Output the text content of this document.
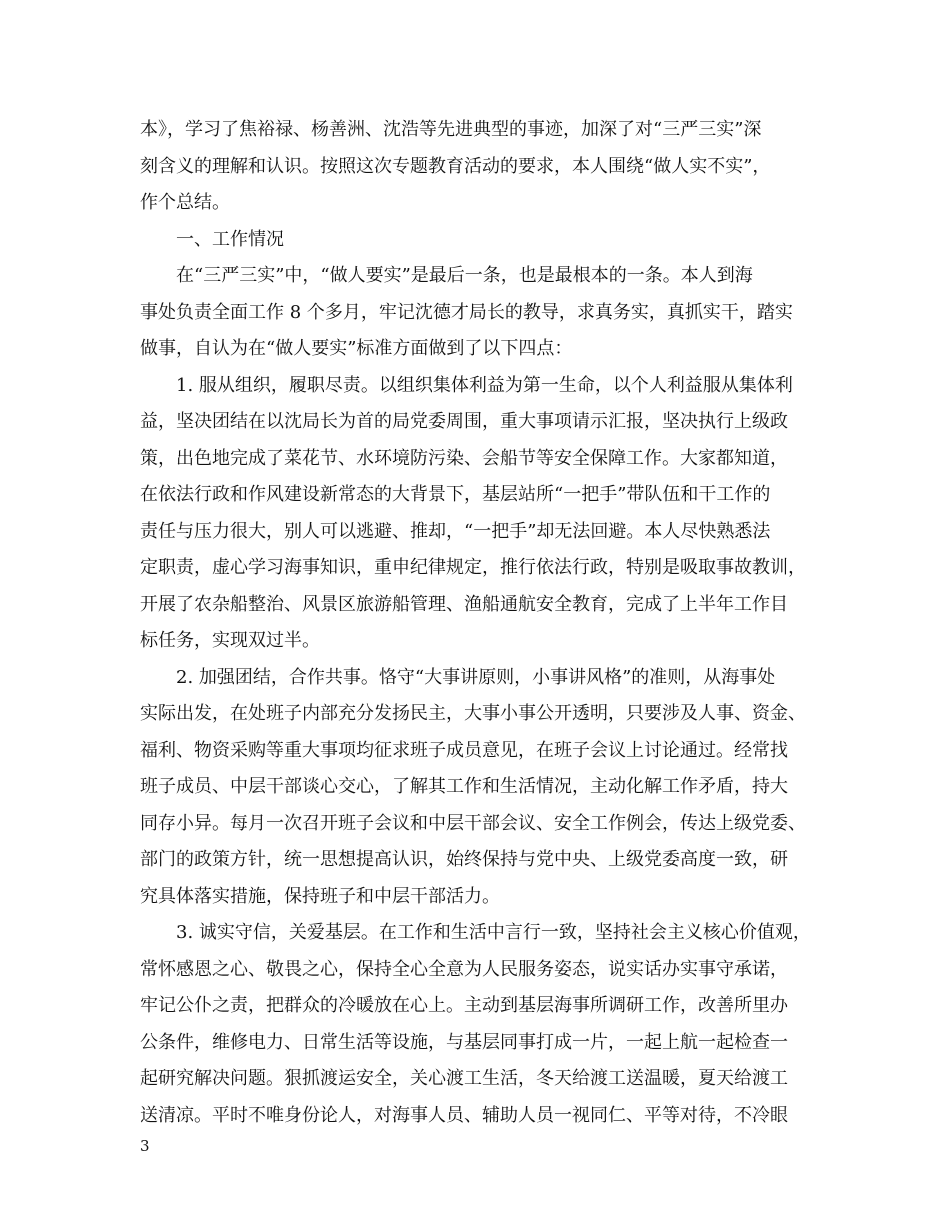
本》，学习了焦裕禄、杨善洲、沈浩等先进典型的事迹，加深了对“三严三实”深
刻含义的理解和认识。按照这次专题教育活动的要求，本人围绕“做人实不实”，
作个总结。
一、工作情况
在“三严三实”中，“做人要实”是最后一条，也是最根本的一条。本人到海
事处负责全面工作 8 个多月，牢记沈德才局长的教导，求真务实，真抓实干，踏实
做事，自认为在“做人要实”标准方面做到了以下四点：
1. 服从组织，履职尽责。以组织集体利益为第一生命，以个人利益服从集体利
益，坚决团结在以沈局长为首的局党委周围，重大事项请示汇报，坚决执行上级政
策，出色地完成了菜花节、水环境防污染、会船节等安全保障工作。大家都知道，
在依法行政和作风建设新常态的大背景下，基层站所“一把手”带队伍和干工作的
责任与压力很大，别人可以逃避、推却，“一把手”却无法回避。本人尽快熟悉法
定职责，虚心学习海事知识，重申纪律规定，推行依法行政，特别是吸取事故教训，
开展了农杂船整治、风景区旅游船管理、渔船通航安全教育，完成了上半年工作目
标任务，实现双过半。
2. 加强团结，合作共事。恪守“大事讲原则，小事讲风格”的准则，从海事处
实际出发，在处班子内部充分发扬民主，大事小事公开透明，只要涉及人事、资金、
福利、物资采购等重大事项均征求班子成员意见，在班子会议上讨论通过。经常找
班子成员、中层干部谈心交心，了解其工作和生活情况，主动化解工作矛盾，持大
同存小异。每月一次召开班子会议和中层干部会议、安全工作例会，传达上级党委、
部门的政策方针，统一思想提高认识，始终保持与党中央、上级党委高度一致，研
究具体落实措施，保持班子和中层干部活力。
3. 诚实守信，关爱基层。在工作和生活中言行一致，坚持社会主义核心价值观，
常怀感恩之心、敬畏之心，保持全心全意为人民服务姿态，说实话办实事守承诺，
牢记公仆之责，把群众的冷暖放在心上。主动到基层海事所调研工作，改善所里办
公条件，维修电力、日常生活等设施，与基层同事打成一片，一起上航一起检查一
起研究解决问题。狠抓渡运安全，关心渡工生活，冬天给渡工送温暖，夏天给渡工
送清凉。平时不唯身份论人，对海事人员、辅助人员一视同仁、平等对待，不冷眼
3
